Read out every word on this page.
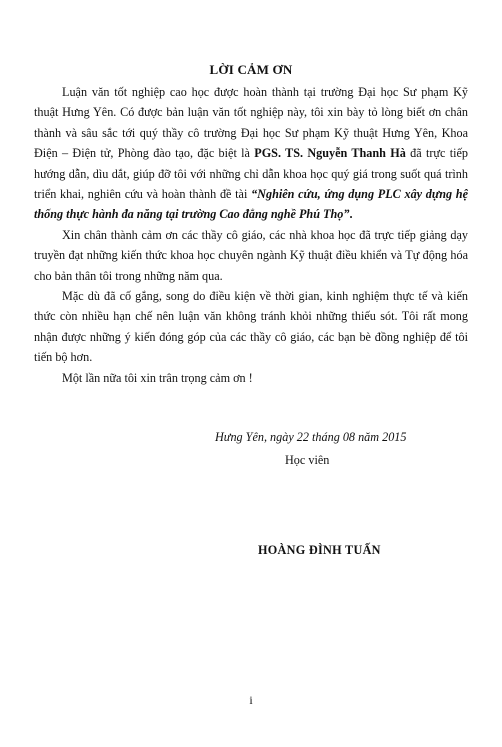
LỜI CẢM ƠN

Luận văn tốt nghiệp cao học được hoàn thành tại trường Đại học Sư phạm Kỹ thuật Hưng Yên. Có được bản luận văn tốt nghiệp này, tôi xin bày tỏ lòng biết ơn chân thành và sâu sắc tới quý thầy cô trường Đại học Sư phạm Kỹ thuật Hưng Yên, Khoa Điện – Điện tử, Phòng đào tạo, đặc biệt là PGS. TS. Nguyễn Thanh Hà đã trực tiếp hướng dẫn, dìu dắt, giúp đỡ tôi với những chỉ dẫn khoa học quý giá trong suốt quá trình triển khai, nghiên cứu và hoàn thành đề tài “Nghiên cứu, ứng dụng PLC xây dựng hệ thống thực hành đa năng tại trường Cao đẳng nghề Phú Thọ”.

Xin chân thành cảm ơn các thầy cô giáo, các nhà khoa học đã trực tiếp giảng dạy truyền đạt những kiến thức khoa học chuyên ngành Kỹ thuật điều khiển và Tự động hóa cho bản thân tôi trong những năm qua.

Mặc dù đã cố gắng, song do điều kiện về thời gian, kinh nghiệm thực tế và kiến thức còn nhiều hạn chế nên luận văn không tránh khỏi những thiếu sót. Tôi rất mong nhận được những ý kiến đóng góp của các thầy cô giáo, các bạn bè đồng nghiệp để tôi tiến bộ hơn.

Một lần nữa tôi xin trân trọng cảm ơn !

Hưng Yên, ngày 22 tháng 08 năm 2015
Học viên
HOÀNG ĐÌNH TUẤN
i
